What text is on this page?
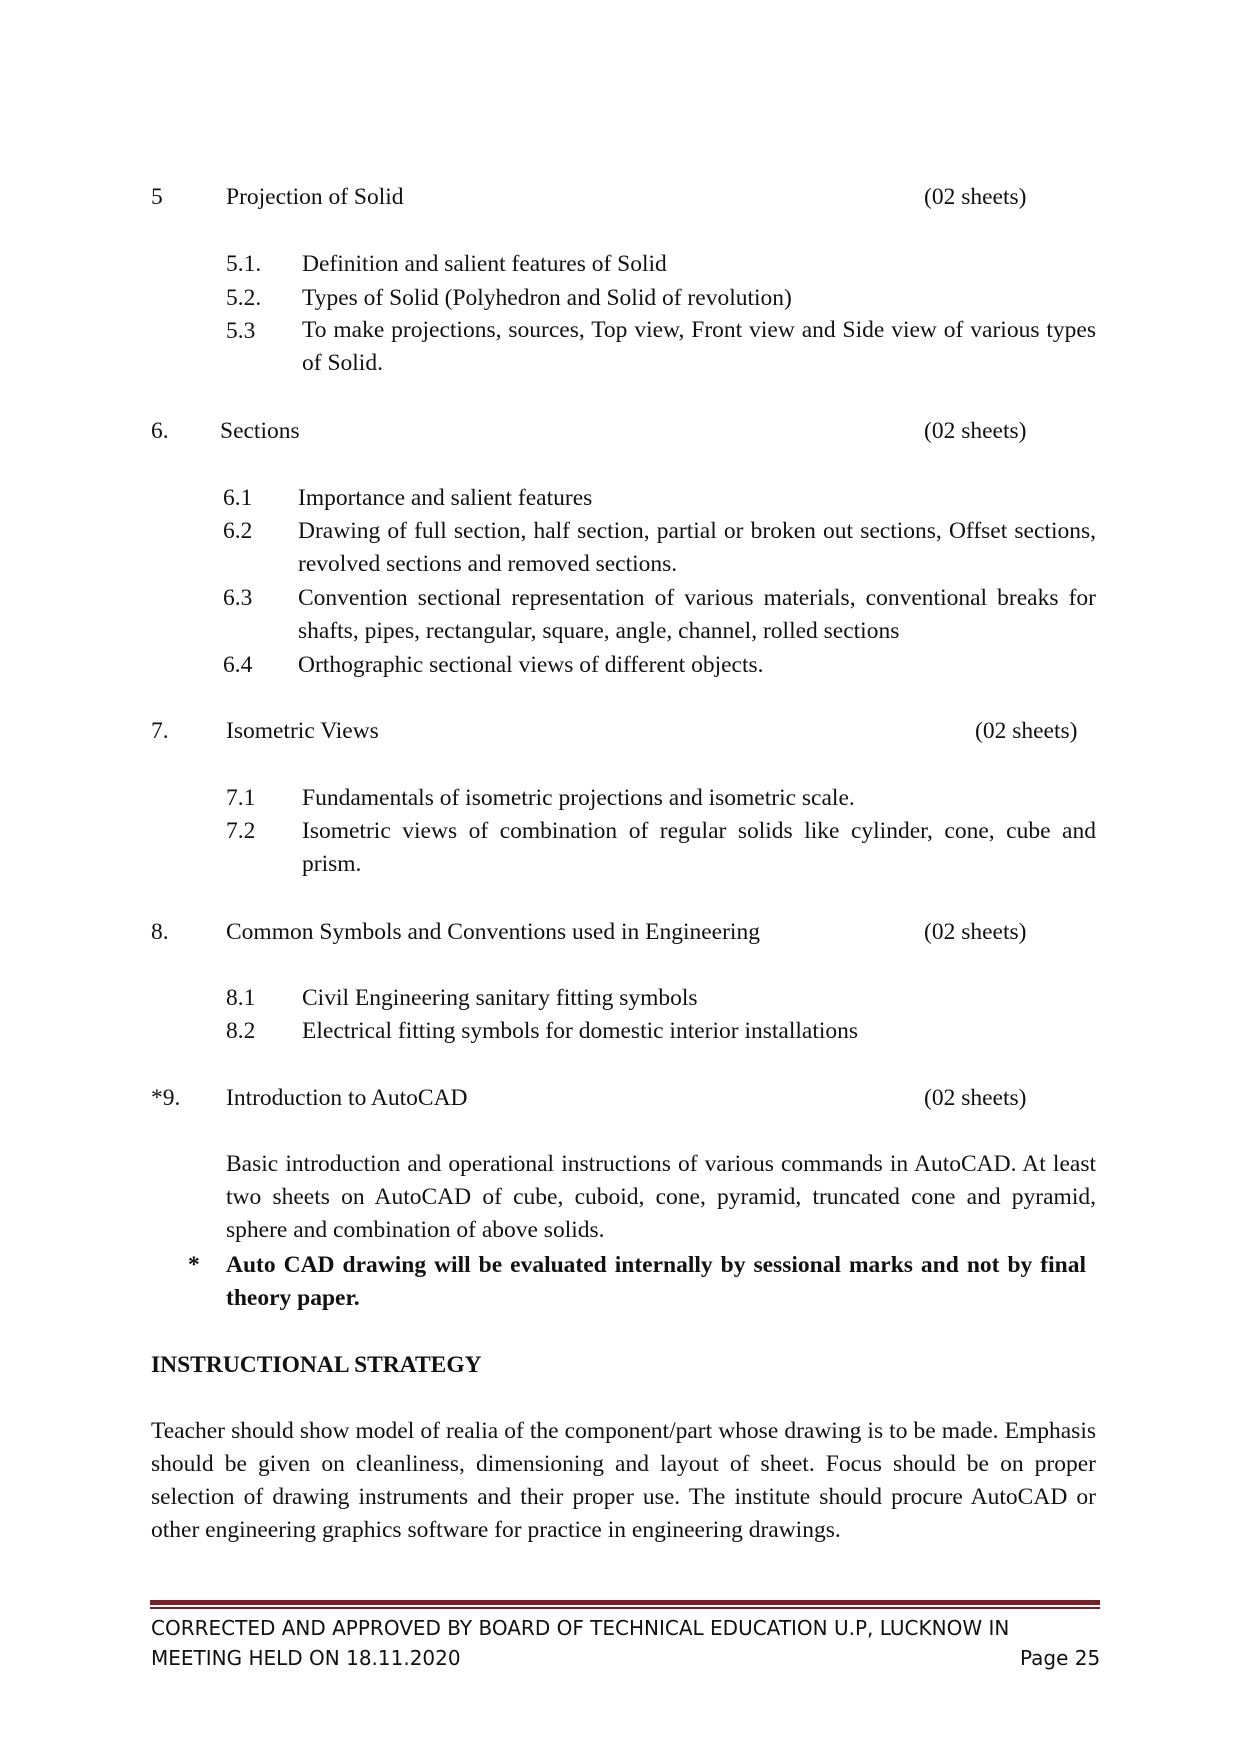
5	Projection of Solid	(02 sheets)
5.1. Definition and salient features of Solid
5.2. Types of Solid (Polyhedron and Solid of revolution)
5.3 To make projections, sources, Top view, Front view and Side view of various types of Solid.
6. Sections	(02 sheets)
6.1 Importance and salient features
6.2 Drawing of full section, half section, partial or broken out sections, Offset sections, revolved sections and removed sections.
6.3 Convention sectional representation of various materials, conventional breaks for shafts, pipes, rectangular, square, angle, channel, rolled sections
6.4 Orthographic sectional views of different objects.
7. Isometric Views	(02 sheets)
7.1 Fundamentals of isometric projections and isometric scale.
7.2 Isometric views of combination of regular solids like cylinder, cone, cube and prism.
8. Common Symbols and Conventions used in Engineering	(02 sheets)
8.1 Civil Engineering sanitary fitting symbols
8.2 Electrical fitting symbols for domestic interior installations
*9. Introduction to AutoCAD	(02 sheets)
Basic introduction and operational instructions of various commands in AutoCAD. At least two sheets on AutoCAD of cube, cuboid, cone, pyramid, truncated cone and pyramid, sphere and combination of above solids.
* Auto CAD drawing will be evaluated internally by sessional marks and not by final theory paper.
INSTRUCTIONAL STRATEGY
Teacher should show model of realia of the component/part whose drawing is to be made. Emphasis should be given on cleanliness, dimensioning and layout of sheet. Focus should be on proper selection of drawing instruments and their proper use. The institute should procure AutoCAD or other engineering graphics software for practice in engineering drawings.
CORRECTED AND APPROVED BY BOARD OF TECHNICAL EDUCATION U.P, LUCKNOW IN
MEETING HELD ON 18.11.2020	Page 25
